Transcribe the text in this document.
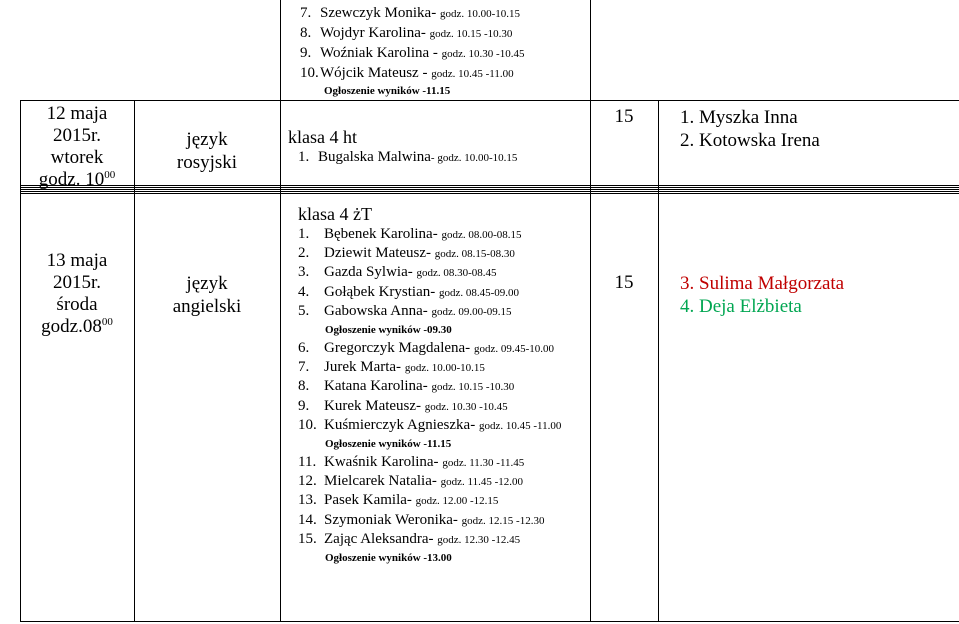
7. Szewczyk Monika- godz. 10.00-10.15
8. Wojdyr Karolina- godz. 10.15 -10.30
9. Woźniak Karolina - godz. 10.30 -10.45
10.Wójcik Mateusz - godz. 10.45 -11.00
Ogłoszenie wyników -11.15
12 maja
2015r.
wtorek
godz. $10^{00}$
13 maja
2015r.
środa
$godz.08^{00}$
język
rosyjski
język
angielski
klasa 4 ht
1. Bugalska Malwina- godz. 10.00-10.15
klasa 4 żT
1. Bębenek Karolina- godz. 08.00-08.15
2. Dziewit Mateusz- godz. 08.15-08.30
3. Gazda Sylwia- godz. 08.30-08.45
4. Gołąbek Krystian- godz. 08.45-09.00
5. Gabowska Anna- godz. 09.00-09.15
Ogłoszenie wyników -09.30
6. Gregorczyk Magdalena- godz. 09.45-10.00
7. Jurek Marta- godz. 10.00-10.15
8. Katana Karolina- godz. 10.15 -10.30
9. Kurek Mateusz- godz. 10.30 -10.45
10. Kuśmierczyk Agnieszka- godz. 10.45 -11.00
Ogłoszenie wyników -11.15
11. Kwaśnik Karolina- godz. 11.30 -11.45
12. Mielcarek Natalia- godz. 11.45 -12.00
13. Pasek Kamila- godz. 12.00 -12.15
14. Szymoniak Weronika- godz. 12.15 -12.30
15. Zając Aleksandra- godz. 12.30 -12.45
Ogłoszenie wyników -13.00
15
15
1. Myszka Inna
2. Kotowska Irena
3. Sulima Małgorzata
4. Deja Elżbieta
